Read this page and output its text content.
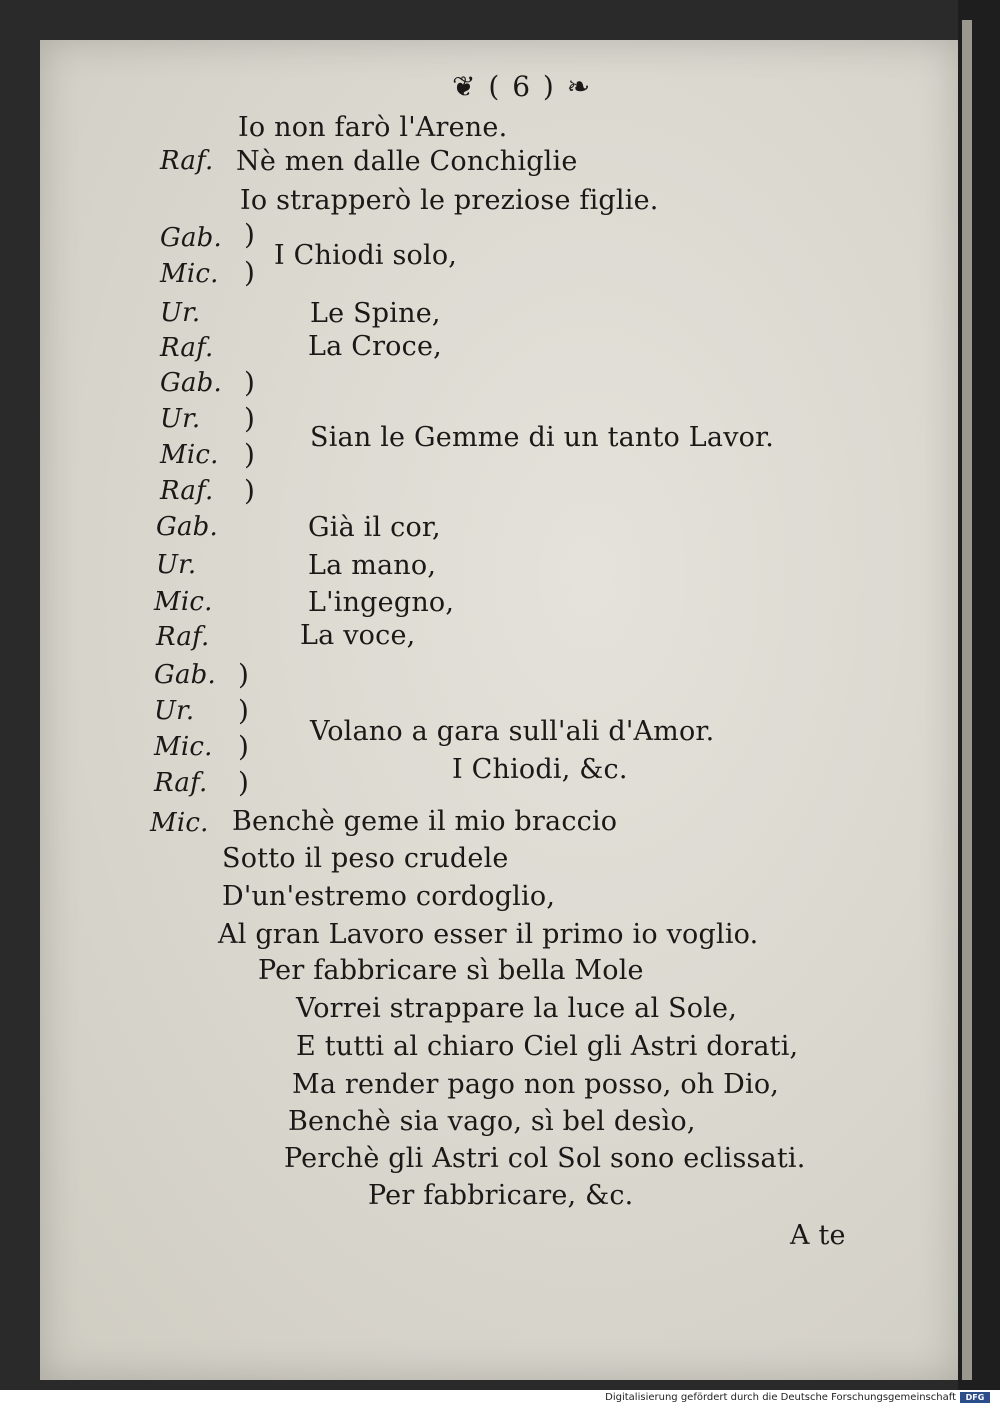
❦ ( 6 ) ❧
Io non farò l'Arene.
Raf. Nè men dalle Conchiglie
Io strapperò le preziose figlie.
Gab. )
I Chiodi solo,
Mic. )
Ur.	Le Spine,
Raf.	La Croce,
Gab. )
Ur. )
Sian le Gemme di un tanto Lavor.
Mic. )
Raf. )
Gab.	Già il cor,
Ur.	La mano,
Mic.	L'ingegno,
Raf.	La voce,
Gab. )
Ur. )
Volano a gara sull'ali d'Amor.
Mic. )
I Chiodi, &c.
Raf. )
Mic. Benchè geme il mio braccio
Sotto il peso crudele
D'un'estremo cordoglio,
Al gran Lavoro esser il primo io voglio.
Per fabbricare sì bella Mole
Vorrei strappare la luce al Sole,
E tutti al chiaro Ciel gli Astri dorati,
Ma render pago non posso, oh Dio,
Benchè sia vago, sì bel desìo,
Perchè gli Astri col Sol sono eclissati.
Per fabbricare, &c.
A te
Digitalisierung gefördert durch die Deutsche Forschungsgemeinschaft	DFG
